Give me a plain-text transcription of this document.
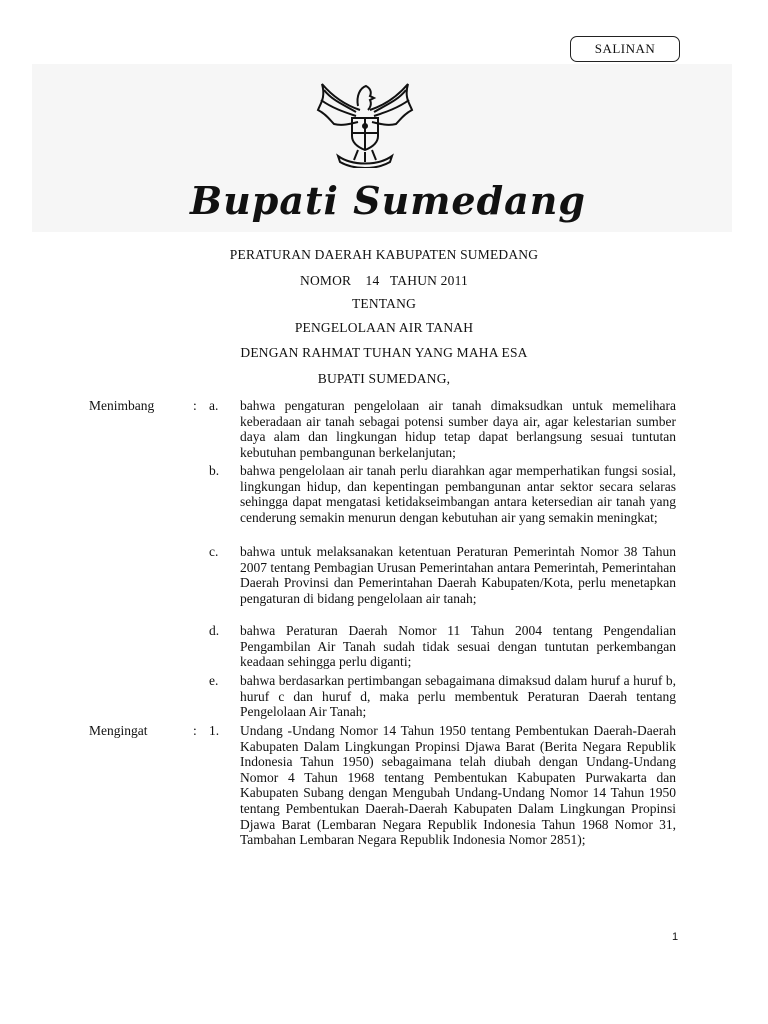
SALINAN
Bupati Sumedang
PERATURAN DAERAH KABUPATEN SUMEDANG
NOMOR    14   TAHUN 2011
TENTANG
PENGELOLAAN AIR TANAH
DENGAN RAHMAT TUHAN YANG MAHA ESA
BUPATI SUMEDANG,
Menimbang	: a.	bahwa pengaturan pengelolaan air tanah dimaksudkan untuk memelihara keberadaan air tanah sebagai potensi sumber daya air, agar kelestarian sumber daya alam dan lingkungan hidup tetap dapat berlangsung sesuai tuntutan kebutuhan pembangunan berkelanjutan;
b.	bahwa pengelolaan air tanah perlu diarahkan agar memperhatikan fungsi sosial, lingkungan hidup, dan kepentingan pembangunan antar sektor secara selaras sehingga dapat mengatasi ketidakseimbangan antara ketersedian air tanah yang cenderung semakin menurun dengan kebutuhan air yang semakin meningkat;
c.	bahwa untuk melaksanakan ketentuan Peraturan Pemerintah Nomor 38 Tahun 2007 tentang Pembagian Urusan Pemerintahan antara Pemerintah, Pemerintahan Daerah Provinsi dan Pemerintahan Daerah Kabupaten/Kota, perlu menetapkan pengaturan di bidang pengelolaan air tanah;
d.	bahwa Peraturan Daerah Nomor 11 Tahun 2004 tentang Pengendalian Pengambilan Air Tanah sudah tidak sesuai dengan tuntutan perkembangan keadaan sehingga perlu diganti;
e.	bahwa berdasarkan pertimbangan sebagaimana dimaksud dalam huruf a huruf b, huruf c dan huruf d, maka perlu membentuk Peraturan Daerah tentang Pengelolaan Air Tanah;
Mengingat	: 1.	Undang -Undang Nomor 14 Tahun 1950 tentang Pembentukan Daerah-Daerah Kabupaten Dalam Lingkungan Propinsi Djawa Barat (Berita Negara Republik Indonesia Tahun 1950) sebagaimana telah diubah dengan Undang-Undang Nomor 4 Tahun 1968 tentang Pembentukan Kabupaten Purwakarta dan Kabupaten Subang dengan Mengubah Undang-Undang Nomor 14 Tahun 1950 tentang Pembentukan Daerah-Daerah Kabupaten Dalam Lingkungan Propinsi Djawa Barat (Lembaran Negara Republik Indonesia Tahun 1968 Nomor 31, Tambahan Lembaran Negara Republik Indonesia Nomor 2851);
1
